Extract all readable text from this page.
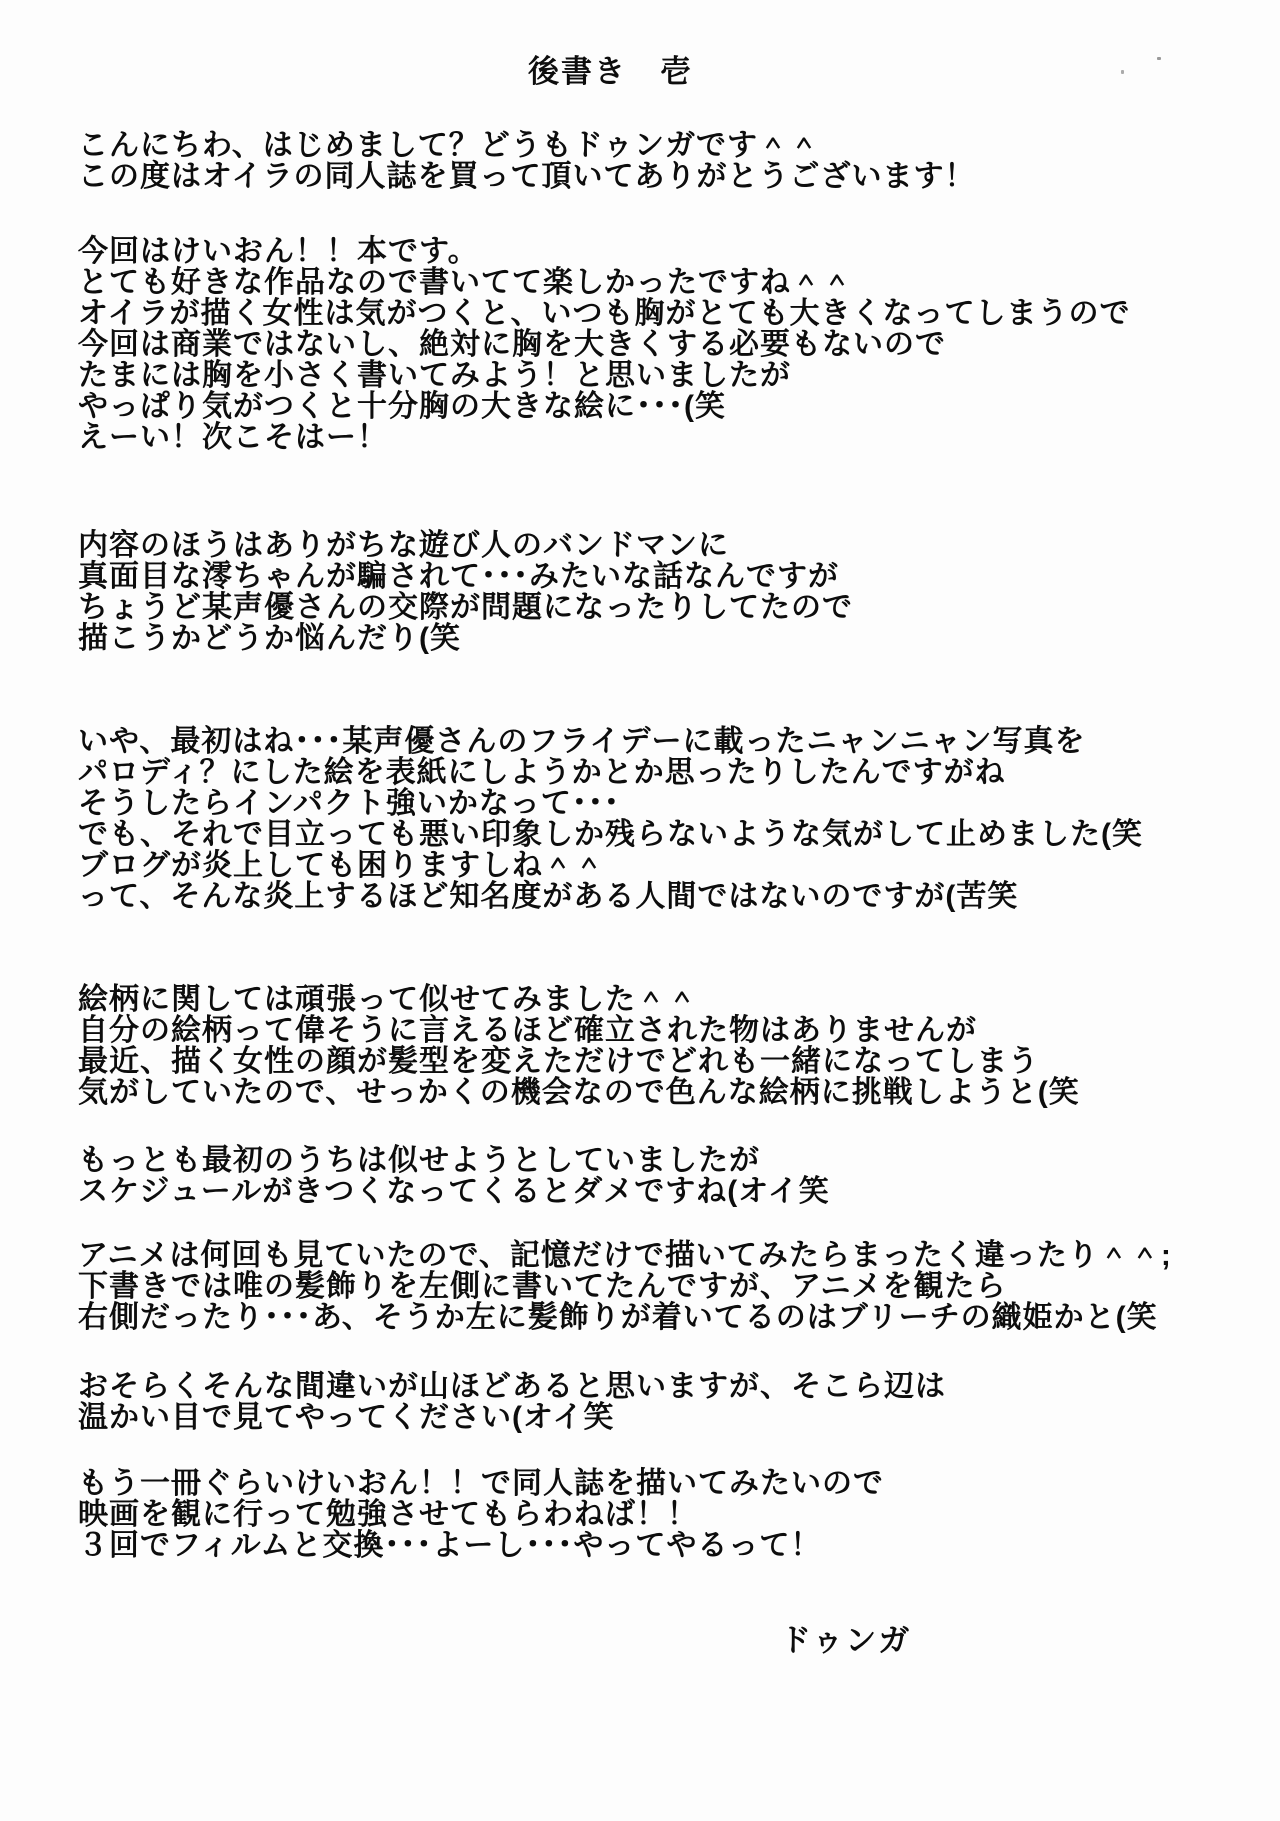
後書き　壱
こんにちわ、はじめまして？どうもドゥンガです＾＾
この度はオイラの同人誌を買って頂いてありがとうございます！
今回はけいおん！！本です。
とても好きな作品なので書いてて楽しかったですね＾＾
オイラが描く女性は気がつくと、いつも胸がとても大きくなってしまうので
今回は商業ではないし、絶対に胸を大きくする必要もないので
たまには胸を小さく書いてみよう！と思いましたが
やっぱり気がつくと十分胸の大きな絵に･･･(笑
えーい！次こそはー！
内容のほうはありがちな遊び人のバンドマンに
真面目な澪ちゃんが騙されて･･･みたいな話なんですが
ちょうど某声優さんの交際が問題になったりしてたので
描こうかどうか悩んだり(笑
いや、最初はね･･･某声優さんのフライデーに載ったニャンニャン写真を
パロディ？にした絵を表紙にしようかとか思ったりしたんですがね
そうしたらインパクト強いかなって･･･
でも、それで目立っても悪い印象しか残らないような気がして止めました(笑
ブログが炎上しても困りますしね＾＾
って、そんな炎上するほど知名度がある人間ではないのですが(苦笑
絵柄に関しては頑張って似せてみました＾＾
自分の絵柄って偉そうに言えるほど確立された物はありませんが
最近、描く女性の顔が髪型を変えただけでどれも一緒になってしまう
気がしていたので、せっかくの機会なので色んな絵柄に挑戦しようと(笑
もっとも最初のうちは似せようとしていましたが
スケジュールがきつくなってくるとダメですね(オイ笑
アニメは何回も見ていたので、記憶だけで描いてみたらまったく違ったり＾＾;
下書きでは唯の髪飾りを左側に書いてたんですが、アニメを観たら
右側だったり･･･あ、そうか左に髪飾りが着いてるのはブリーチの織姫かと(笑
おそらくそんな間違いが山ほどあると思いますが、そこら辺は
温かい目で見てやってください(オイ笑
もう一冊ぐらいけいおん！！で同人誌を描いてみたいので
映画を観に行って勉強させてもらわねば！！
３回でフィルムと交換･･･よーし･･･やってやるって！
ドゥンガ
